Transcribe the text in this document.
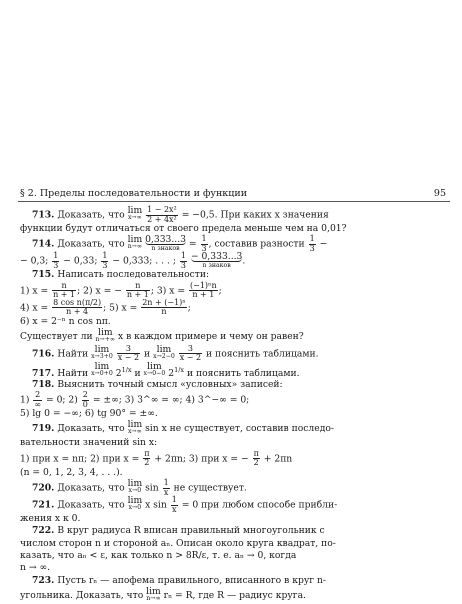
§ 2. Пределы последовательности и функции	95
713. Доказать, что lim
x→∞
$\frac{\text{1 − 2x²}}{\text{2 + 4x²}} = -0,5$. При каких x значения
функции будут отличаться от своего предела меньше чем на 0,01?
714. Доказать, что lim
n→∞

0,333...3
n знаков	= $\frac{1}{3}$ , составив разности $\frac{1}{3}$ −
− 0,3; $\frac{1}{3} - 0,33$; $\frac{1}{3} - 0,333$; . . . ; $\frac{1}{3}$
− 0,333...3
n знаков	.
715. Написать последовательности:
1) $x = \frac{n}{n + 1}$ ; 2) x = − $\frac{n}{n + 1}$ ; 3) $x = \frac{\text{(−1)ⁿn}}{n + 1}$ ;
4) $x = \frac{\text{8 cos n(π/2)}}{n + 4}$ ; 5) $x = \frac{\text{2n + (−1)ⁿ}}{n}$ ;
6) x = 2⁻ⁿ n cos nπ.
Существует ли lim
n→+∞ x в каждом примере и чему он равен?
716. Найти lim
x→3+0
$\frac{3}{x - 2}$ и lim
x→2−0
$\frac{3}{x - 2}$ и пояснить таблицами.
717. Найти lim
x→0+0 $2^{1/x}$ и lim
x→0−0 $2^{1/x}$ и пояснить таблицами.
718. Выяснить точный смысл «условных» записей:
$1) \frac{2}{\infty} = 0$; $2) \frac{2}{0}$ = ±∞; 3) 3^∞ = ∞; 4) 3^−∞ = 0;
5) lg 0 = −∞; 6) tg 90° = ±∞.
719. Доказать, что lim
x→∞ sin x не существует, составив последо-
вательности значений sin x:
1) при x = nπ; 2) при $x = \frac{\pi}{2} + 2\pi n$; 3) при x = − $\frac{\pi}{2} + 2\pi n$
(n = 0, 1, 2, 3, 4, . . .).
720. Доказать, что lim
x→0 $\sin \frac{1}{x}$ не существует.
721. Доказать, что lim
x→0 x $\sin \frac{1}{x} = 0$ при любом способе прибли-
жения x к 0.
722. В круг радиуса R вписан правильный многоугольник с
числом сторон n и стороной aₙ. Описан около круга квадрат, по-
казать, что aₙ < ε, как только n > 8R/ε, т. е. aₙ → 0, когда
n → ∞.
723. Пусть rₙ — апофема правильного, вписанного в круг n-
угольника. Доказать, что lim
n→∞ rₙ = R, где R — радиус круга.
